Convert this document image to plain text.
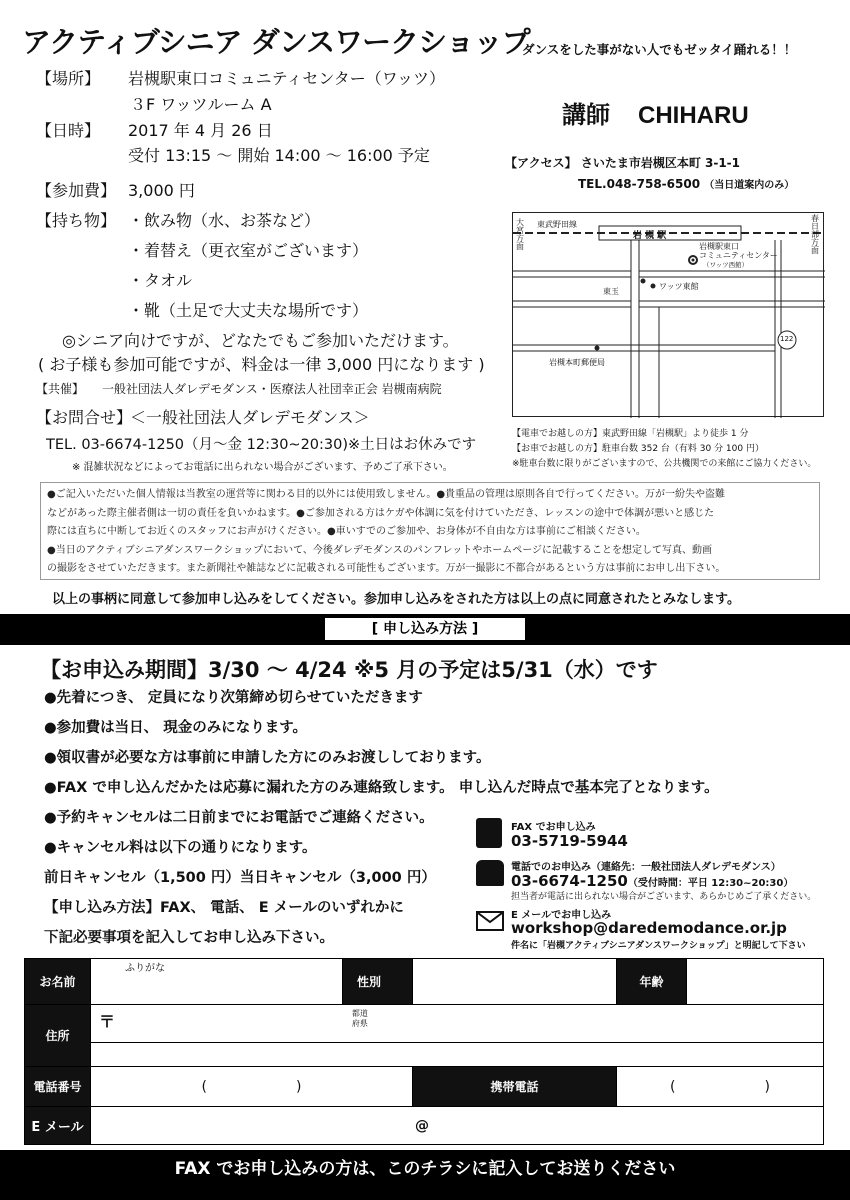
アクティブシニア ダンスワークショップ
ダンスをした事がない人でもゼッタイ踊れる！！
講師 CHIHARU
【場所】 岩槻駅東口コミュニティセンター（ワッツ）
３F ワッツルーム A
【日時】 2017 年 4 月 26 日
受付 13:15 〜 開始 14:00 〜 16:00 予定
【参加費】 3,000 円
【持ち物】 ・飲み物（水、お茶など）
・着替え（更衣室がございます）
・タオル
・靴（土足で大丈夫な場所です）
◎シニア向けですが、どなたでもご参加いただけます。
( お子様も参加可能ですが、料金は一律 3,000 円になります )
【共催】 一般社団法人ダレデモダンス・医療法人社団幸正会 岩槻南病院
【お問合せ】
＜一般社団法人ダレデモダンス＞
TEL. 03-6674-1250（月〜金 12:30~20:30)※土日はお休みです
※ 混雑状況などによってお電話に出られない場合がございます、予めご了承下さい。
【アクセス】 さいたま市岩槻区本町 3-1-1
TEL.048-758-6500 （当日道案内のみ）
東武野田線
岩 槻 駅
大宮方面
春日部方面
岩槻駅東口
コミュニティセンター
（ワッツ西館）
東玉
ワッツ東館
122
岩槻本町郵便局
【電車でお越しの方】東武野田線「岩槻駅」より徒歩 1 分
【お車でお越しの方】駐車台数 352 台（有料 30 分 100 円）
※駐車台数に限りがございますので、公共機関での来館にご協力ください。
●ご記入いただいた個人情報は当教室の運営等に関わる目的以外には使用致しません。●貴重品の管理は原則各自で行ってください。万が一紛失や盗難
などがあった際主催者側は一切の責任を負いかねます。●ご参加される方はケガや体調に気を付けていただき、レッスンの途中で体調が悪いと感じた
際には直ちに中断してお近くのスタッフにお声がけください。●車いすでのご参加や、お身体が不自由な方は事前にご相談ください。
●当日のアクティブシニアダンスワークショップにおいて、今後ダレデモダンスのパンフレットやホームページに記載することを想定して写真、動画
の撮影をさせていただきます。また新聞社や雑誌などに記載される可能性もございます。万が一撮影に不都合があるという方は事前にお申し出下さい。
以上の事柄に同意して参加申し込みをしてください。参加申し込みをされた方は以上の点に同意されたとみなします。
[ 申し込み方法 ]
【お申込み期間】3/30 〜 4/24 ※5 月の予定は5/31（水）です
●先着につき、 定員になり次第締め切らせていただきます
●参加費は当日、 現金のみになります。
●領収書が必要な方は事前に申請した方にのみお渡ししております。
●FAX で申し込んだかたは応募に漏れた方のみ連絡致します。 申し込んだ時点で基本完了となります。
●予約キャンセルは二日前までにお電話でご連絡ください。
●キャンセル料は以下の通りになります。
前日キャンセル（1,500 円）当日キャンセル（3,000 円）
【申し込み方法】FAX、 電話、 E メールのいずれかに
下記必要事項を記入してお申し込み下さい。
FAX でお申し込み
03-5719-5944
電話でのお申込み（連絡先：一般社団法人ダレデモダンス）
03-6674-1250（受付時間：平日 12:30~20:30）
担当者が電話に出られない場合がございます、あらかじめご了承ください。
E メールでお申し込み
workshop@daredemodance.or.jp
件名に「岩槻アクティブシニアダンスワークショップ」と明記して下さい
お名前	ふりがな	性別		年齢	
住所	〒 都道
府県				

電話番号	(                    )		携帯電話	(                    )	
E メール	@				
FAX でお申し込みの方は、このチラシに記入してお送りください
